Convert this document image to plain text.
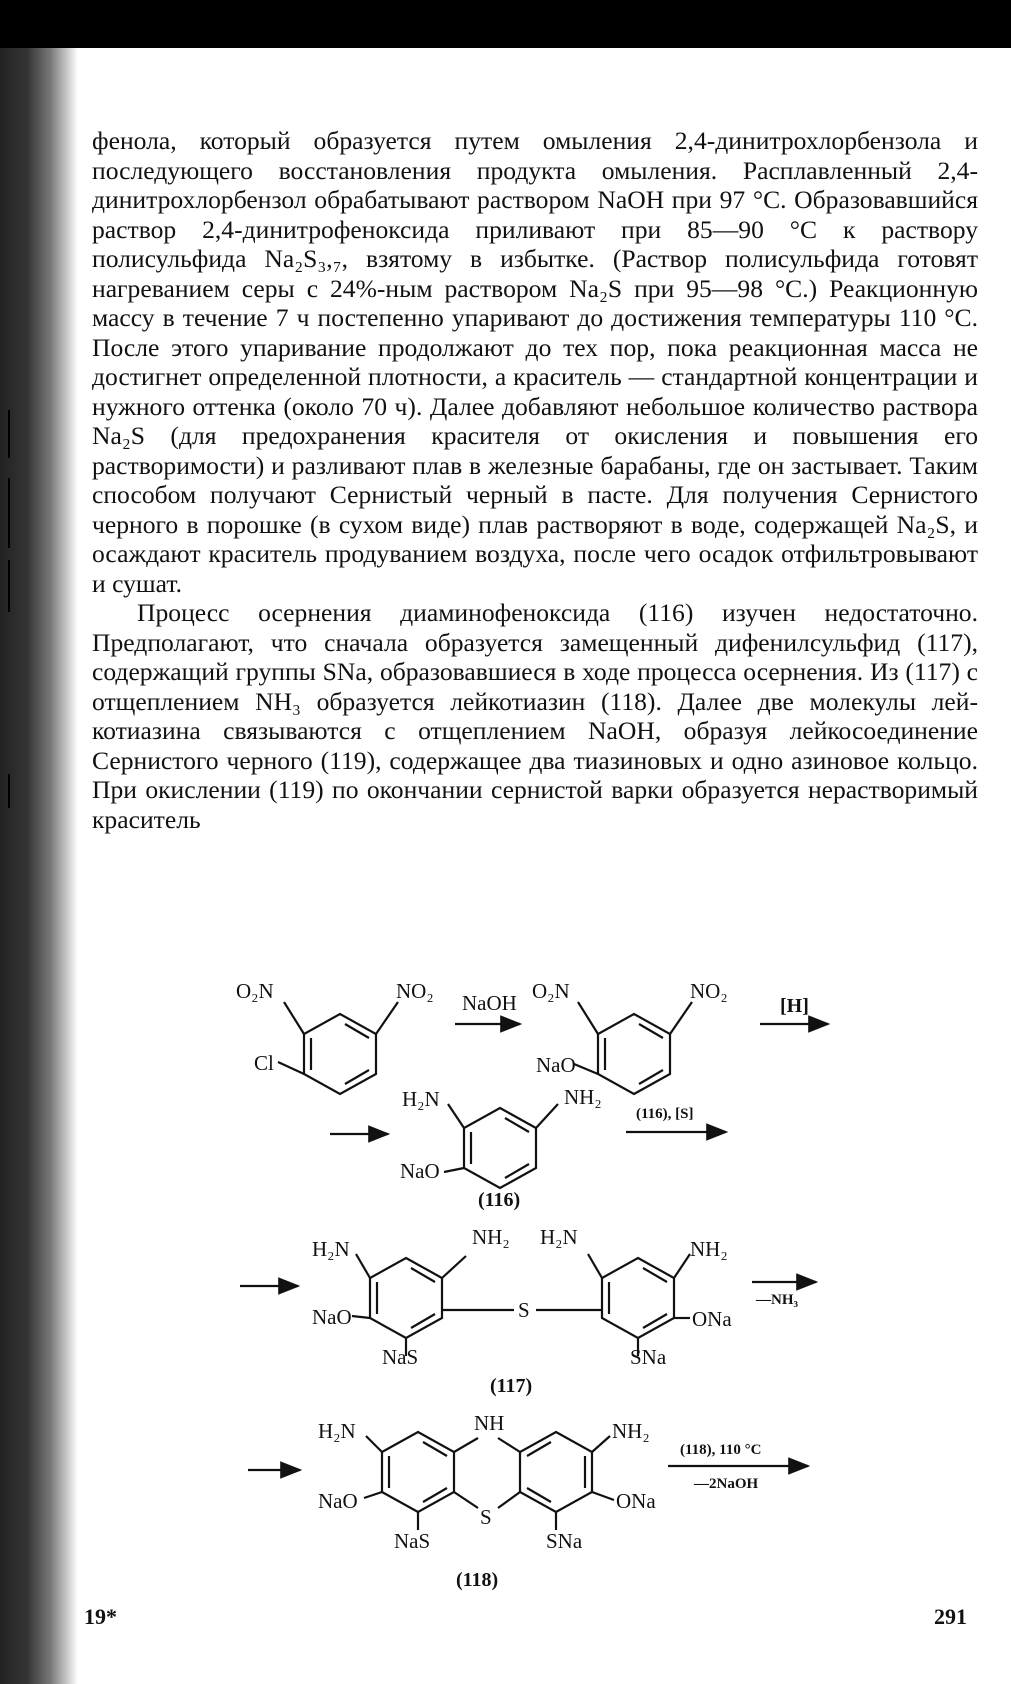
фенола, который образуется путем омыления 2,4-динитрохлорбензола и последующего восстановления продукта омыления. Расплавленный 2,4-динитрохлорбензол обрабатывают раствором NaOH при 97 °C. Образовавшийся раствор 2,4-динитрофеноксида приливают при 85—90 °C к раствору полисульфида Na₂S₃,₇, взятому в избытке. (Раствор полисульфида готовят нагреванием серы с 24%-ным раствором Na₂S при 95—98 °C.) Реакционную массу в течение 7 ч постепенно упаривают до достижения температуры 110 °C. После этого упаривание продолжают до тех пор, пока реакционная масса не достигнет определенной плотности, а краситель — стандартной концентрации и нужного оттенка (около 70 ч). Далее добавляют небольшое количество раствора Na₂S (для предохранения красителя от окисления и повышения его растворимости) и разливают плав в железные барабаны, где он застывает. Таким способом получают Сернистый черный в пасте. Для получения Сернистого черного в порошке (в сухом виде) плав растворяют в воде, содержащей Na₂S, и осаждают краситель продуванием воздуха, после чего осадок отфильтровывают и сушат.

Процесс осернения диаминофеноксида (116) изучен недостаточно. Предполагают, что сначала образуется замещенный дифенилсульфид (117), содержащий группы SNa, образовавшиеся в ходе процесса осернения. Из (117) с отщеплением NH₃ образуется лейкотиазин (118). Далее две молекулы лейкотиазина связываются с отщеплением NaOH, образуя лейкосоединение Сернистого черного (119), содержащее два тиазиновых и одно азиновое кольцо. При окислении (119) по окончании сернистой варки образуется нерастворимый краситель

O₂N	NO₂
Cl
NaOH O₂N	NO₂
NaO
[H]
H₂N	NH₂
NaO
(116), [S]
(116)
S
H₂N	NH₂ H₂N	NH₂
NaO	ONa
NaS	SNa
—NH₃
(117)
NH
S
H₂N	NH₂
NaO	ONa
NaS	SNa
(118), 110 °C
—2NaOH
(118)
19*	291
